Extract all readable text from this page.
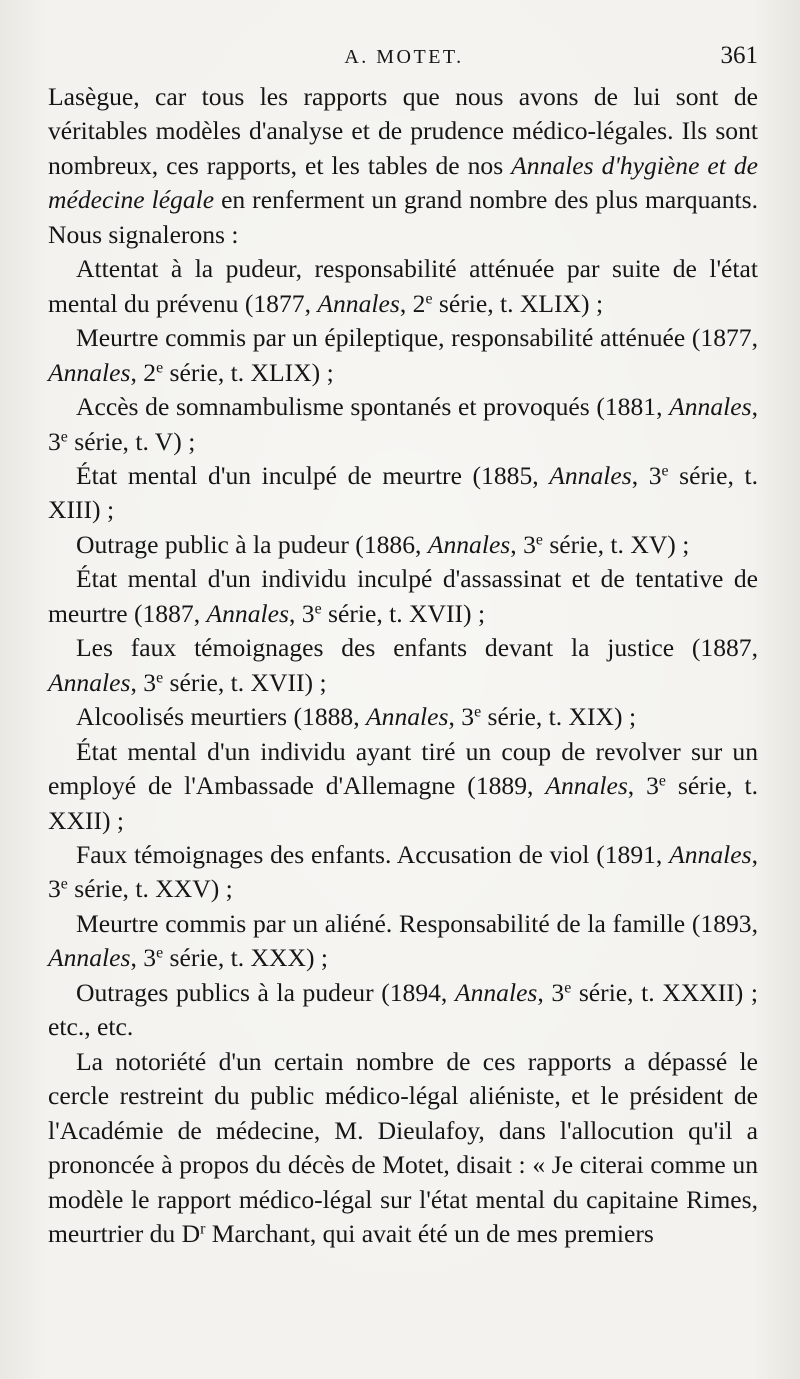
A. MOTET.	361

Lasègue, car tous les rapports que nous avons de lui sont de véritables modèles d'analyse et de prudence médico-légales. Ils sont nombreux, ces rapports, et les tables de nos Annales d'hygiène et de médecine légale en renferment un grand nombre des plus marquants. Nous signalerons :

Attentat à la pudeur, responsabilité atténuée par suite de l'état mental du prévenu (1877, Annales, 2e série, t. XLIX) ;

Meurtre commis par un épileptique, responsabilité atténuée (1877, Annales, 2e série, t. XLIX) ;

Accès de somnambulisme spontanés et provoqués (1881, Annales, 3e série, t. V) ;

État mental d'un inculpé de meurtre (1885, Annales, 3e série, t. XIII) ;

Outrage public à la pudeur (1886, Annales, 3e série, t. XV) ;

État mental d'un individu inculpé d'assassinat et de tentative de meurtre (1887, Annales, 3e série, t. XVII) ;

Les faux témoignages des enfants devant la justice (1887, Annales, 3e série, t. XVII) ;

Alcoolisés meurtiers (1888, Annales, 3e série, t. XIX) ;

État mental d'un individu ayant tiré un coup de revolver sur un employé de l'Ambassade d'Allemagne (1889, Annales, 3e série, t. XXII) ;

Faux témoignages des enfants. Accusation de viol (1891, Annales, 3e série, t. XXV) ;

Meurtre commis par un aliéné. Responsabilité de la famille (1893, Annales, 3e série, t. XXX) ;

Outrages publics à la pudeur (1894, Annales, 3e série, t. XXXII) ; etc., etc.

La notoriété d'un certain nombre de ces rapports a dépassé le cercle restreint du public médico-légal aliéniste, et le président de l'Académie de médecine, M. Dieulafoy, dans l'allocution qu'il a prononcée à propos du décès de Motet, disait : « Je citerai comme un modèle le rapport médico-légal sur l'état mental du capitaine Rimes, meurtrier du $D^r$ Marchant, qui avait été un de mes premiers
